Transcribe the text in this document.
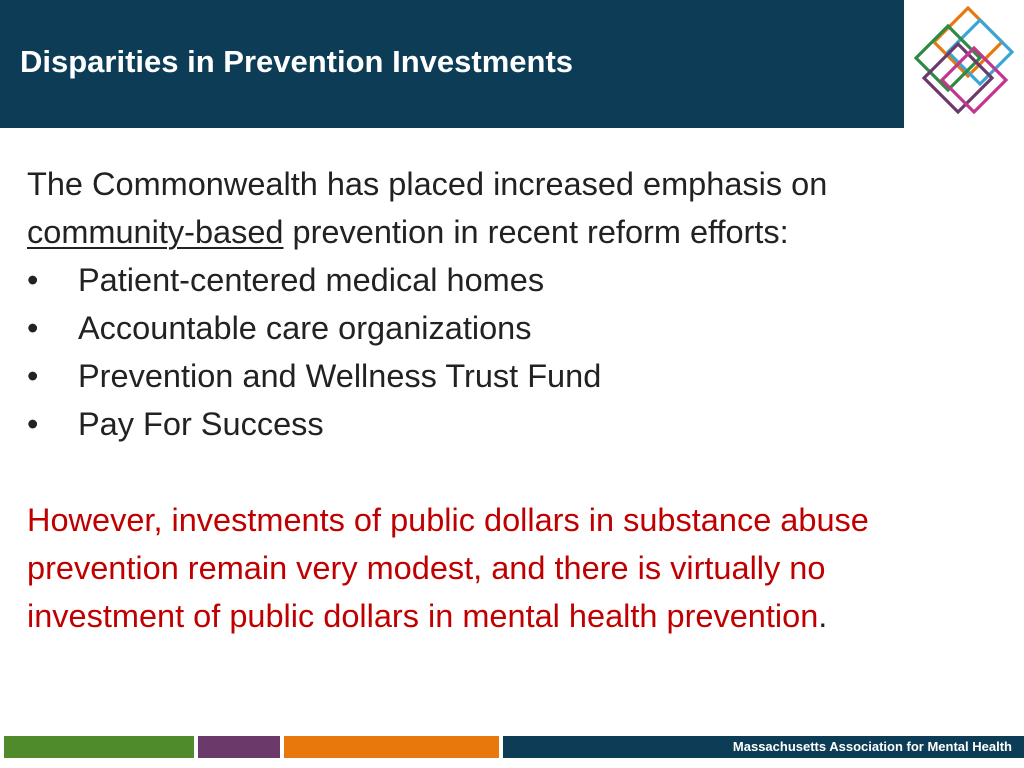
Disparities in Prevention Investments

The Commonwealth has placed increased emphasis on
community-based prevention in recent reform efforts:

• Patient-centered medical homes
• Accountable care organizations
• Prevention and Wellness Trust Fund
• Pay For Success

However, investments of public dollars in substance abuse prevention remain very modest, and there is virtually no investment of public dollars in mental health prevention.

Massachusetts Association for Mental Health
